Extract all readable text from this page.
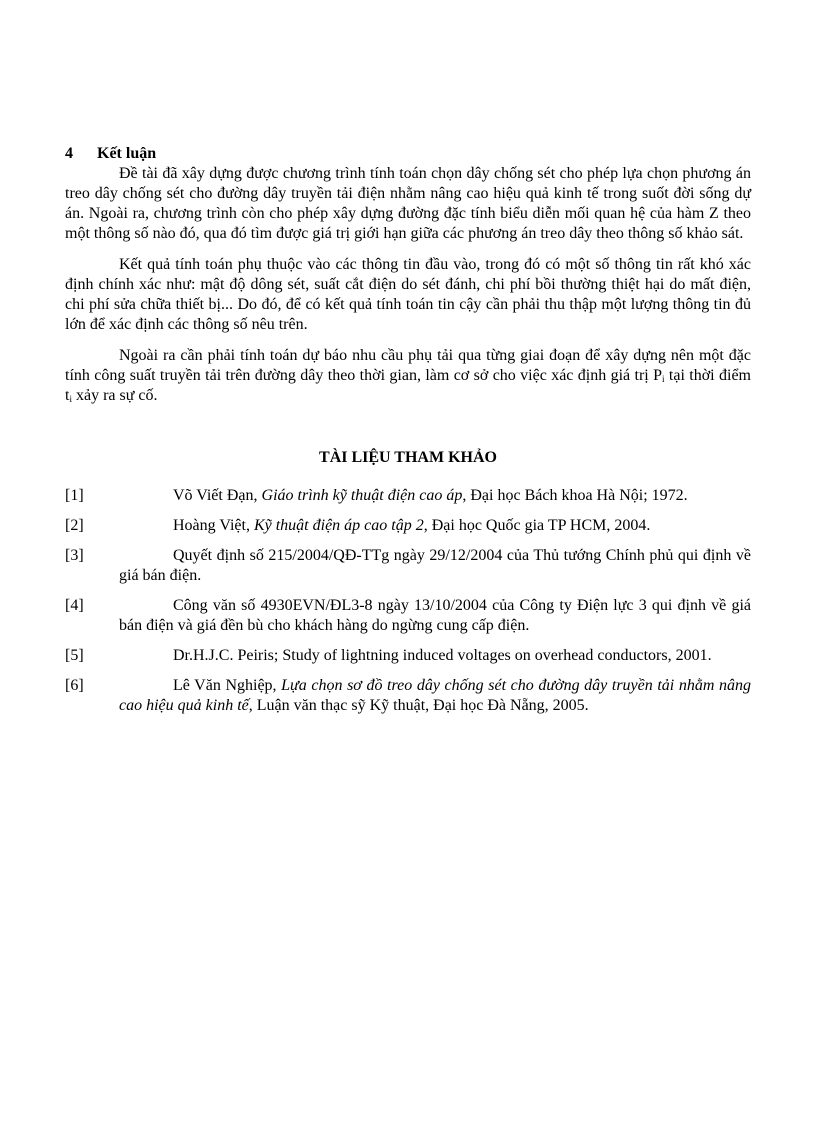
4 Kết luận

Đề tài đã xây dựng được chương trình tính toán chọn dây chống sét cho phép lựa chọn phương án treo dây chống sét cho đường dây truyền tải điện nhằm nâng cao hiệu quả kinh tế trong suốt đời sống dự án. Ngoài ra, chương trình còn cho phép xây dựng đường đặc tính biểu diễn mối quan hệ của hàm Z theo một thông số nào đó, qua đó tìm được giá trị giới hạn giữa các phương án treo dây theo thông số khảo sát.

Kết quả tính toán phụ thuộc vào các thông tin đầu vào, trong đó có một số thông tin rất khó xác định chính xác như: mật độ dông sét, suất cắt điện do sét đánh, chi phí bồi thường thiệt hại do mất điện, chi phí sửa chữa thiết bị... Do đó, để có kết quả tính toán tin cậy cần phải thu thập một lượng thông tin đủ lớn để xác định các thông số nêu trên.

Ngoài ra cần phải tính toán dự báo nhu cầu phụ tải qua từng giai đoạn để xây dựng nên một đặc tính công suất truyền tải trên đường dây theo thời gian, làm cơ sở cho việc xác định giá trị $P_i$ tại thời điểm $t_i$ xảy ra sự cố.

TÀI LIỆU THAM KHẢO
[1]	Võ Viết Đạn, Giáo trình kỹ thuật điện cao áp, Đại học Bách khoa Hà Nội; 1972.
[2]	Hoàng Việt, Kỹ thuật điện áp cao tập 2, Đại học Quốc gia TP HCM, 2004.
[3]	Quyết định số 215/2004/QĐ-TTg ngày 29/12/2004 của Thủ tướng Chính phủ qui định về giá bán điện.
[4]	Công văn số 4930EVN/ĐL3-8 ngày 13/10/2004 của Công ty Điện lực 3 qui định về giá bán điện và giá đền bù cho khách hàng do ngừng cung cấp điện.
[5]	Dr.H.J.C. Peiris; Study of lightning induced voltages on overhead conductors, 2001.
[6]	Lê Văn Nghiệp, Lựa chọn sơ đồ treo dây chống sét cho đường dây truyền tải nhằm nâng cao hiệu quả kinh tế, Luận văn thạc sỹ Kỹ thuật, Đại học Đà Nẵng, 2005.
